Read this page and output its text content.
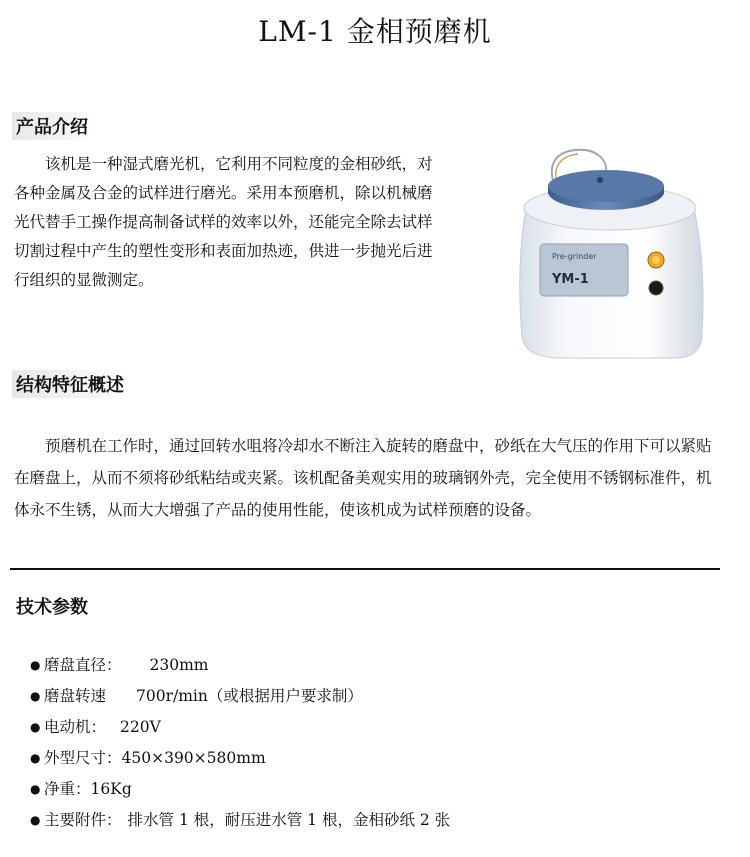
LM-1 金相预磨机
产品介绍

该机是一种湿式磨光机，它利用不同粒度的金相砂纸，对各种金属及合金的试样进行磨光。采用本预磨机，除以机械磨光代替手工操作提高制备试样的效率以外，还能完全除去试样切割过程中产生的塑性变形和表面加热迹，供进一步抛光后进行组织的显微测定。

Pre-grinder
YM-1
结构特征概述

预磨机在工作时，通过回转水咀将冷却水不断注入旋转的磨盘中，砂纸在大气压的作用下可以紧贴在磨盘上，从而不须将砂纸粘结或夹紧。该机配备美观实用的玻璃钢外壳，完全使用不锈钢标准件，机体永不生锈，从而大大增强了产品的使用性能，使该机成为试样预磨的设备。

技术参数
● 磨盘直径： 230mm
● 磨盘转速 700r/min（或根据用户要求制）
● 电动机： 220V
● 外型尺寸：450×390×580mm
● 净重：16Kg
● 主要附件： 排水管 1 根，耐压进水管 1 根，金相砂纸 2 张
